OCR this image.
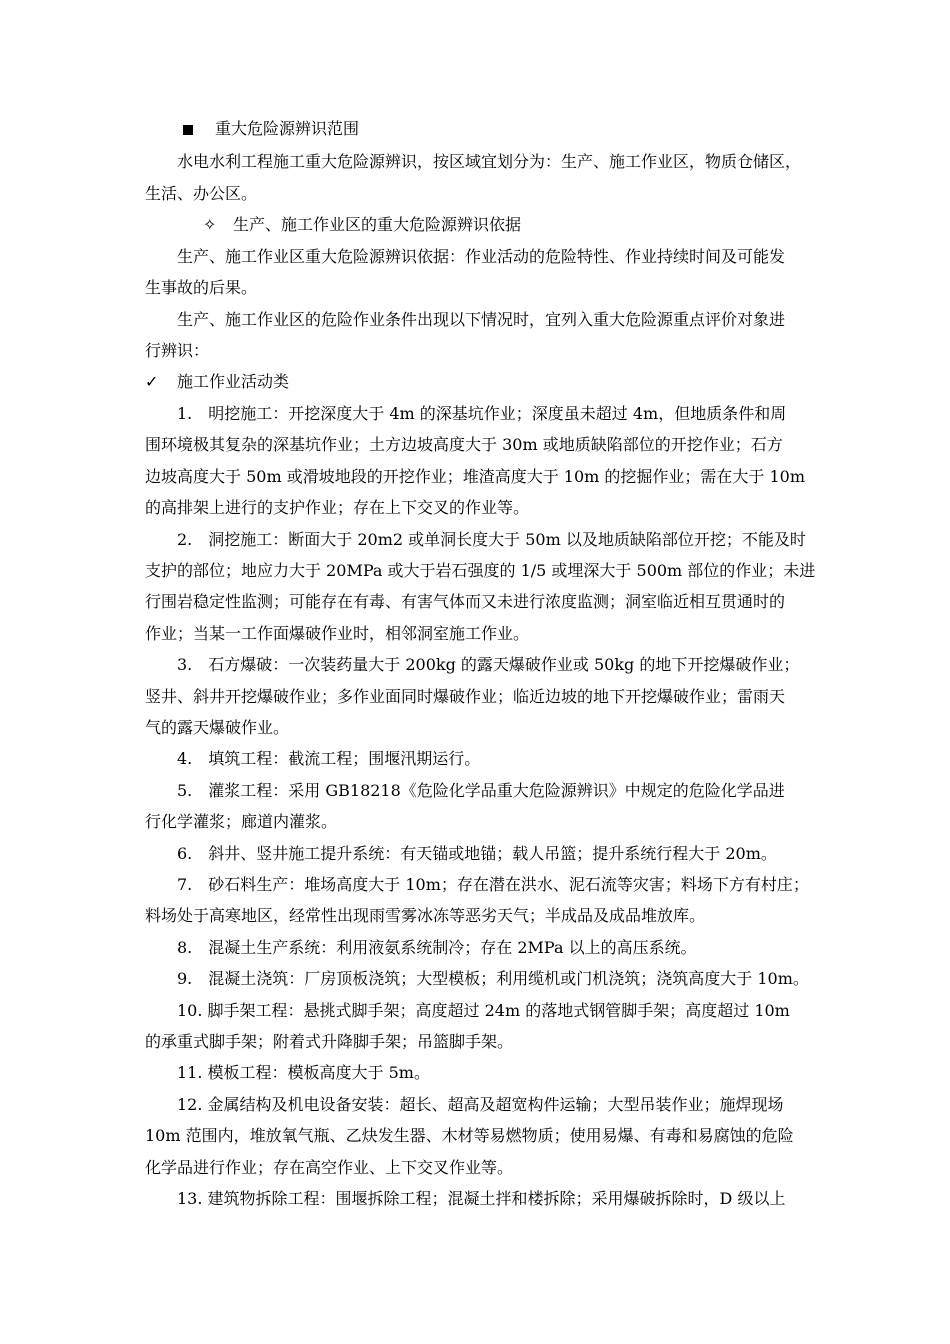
重大危险源辨识范围
水电水利工程施工重大危险源辨识，按区域宜划分为：生产、施工作业区，物质仓储区，
生活、办公区。
✧ 生产、施工作业区的重大危险源辨识依据
生产、施工作业区重大危险源辨识依据：作业活动的危险特性、作业持续时间及可能发
生事故的后果。
生产、施工作业区的危险作业条件出现以下情况时，宜列入重大危险源重点评价对象进
行辨识：
✓ 施工作业活动类
1.　明挖施工：开挖深度大于 4m 的深基坑作业；深度虽未超过 4m，但地质条件和周
围环境极其复杂的深基坑作业；土方边坡高度大于 30m 或地质缺陷部位的开挖作业；石方
边坡高度大于 50m 或滑坡地段的开挖作业；堆渣高度大于 10m 的挖掘作业；需在大于 10m
的高排架上进行的支护作业；存在上下交叉的作业等。
2.　洞挖施工：断面大于 20m2 或单洞长度大于 50m 以及地质缺陷部位开挖；不能及时
支护的部位；地应力大于 20MPa 或大于岩石强度的 1/5 或埋深大于 500m 部位的作业；未进
行围岩稳定性监测；可能存在有毒、有害气体而又未进行浓度监测；洞室临近相互贯通时的
作业；当某一工作面爆破作业时，相邻洞室施工作业。
3.　石方爆破：一次装药量大于 200kg 的露天爆破作业或 50kg 的地下开挖爆破作业；
竖井、斜井开挖爆破作业；多作业面同时爆破作业；临近边坡的地下开挖爆破作业；雷雨天
气的露天爆破作业。
4.　填筑工程：截流工程；围堰汛期运行。
5.　灌浆工程：采用 GB18218《危险化学品重大危险源辨识》中规定的危险化学品进
行化学灌浆；廊道内灌浆。
6.　斜井、竖井施工提升系统：有天锚或地锚；载人吊篮；提升系统行程大于 20m。
7.　砂石料生产：堆场高度大于 10m；存在潜在洪水、泥石流等灾害；料场下方有村庄；
料场处于高寒地区，经常性出现雨雪雾冰冻等恶劣天气；半成品及成品堆放库。
8.　混凝土生产系统：利用液氨系统制冷；存在 2MPa 以上的高压系统。
9.　混凝土浇筑：厂房顶板浇筑；大型模板；利用缆机或门机浇筑；浇筑高度大于 10m。
10. 脚手架工程：悬挑式脚手架；高度超过 24m 的落地式钢管脚手架；高度超过 10m
的承重式脚手架；附着式升降脚手架；吊篮脚手架。
11. 模板工程：模板高度大于 5m。
12. 金属结构及机电设备安装：超长、超高及超宽构件运输；大型吊装作业；施焊现场
10m 范围内，堆放氧气瓶、乙炔发生器、木材等易燃物质；使用易爆、有毒和易腐蚀的危险
化学品进行作业；存在高空作业、上下交叉作业等。
13. 建筑物拆除工程：围堰拆除工程；混凝土拌和楼拆除；采用爆破拆除时，D 级以上
